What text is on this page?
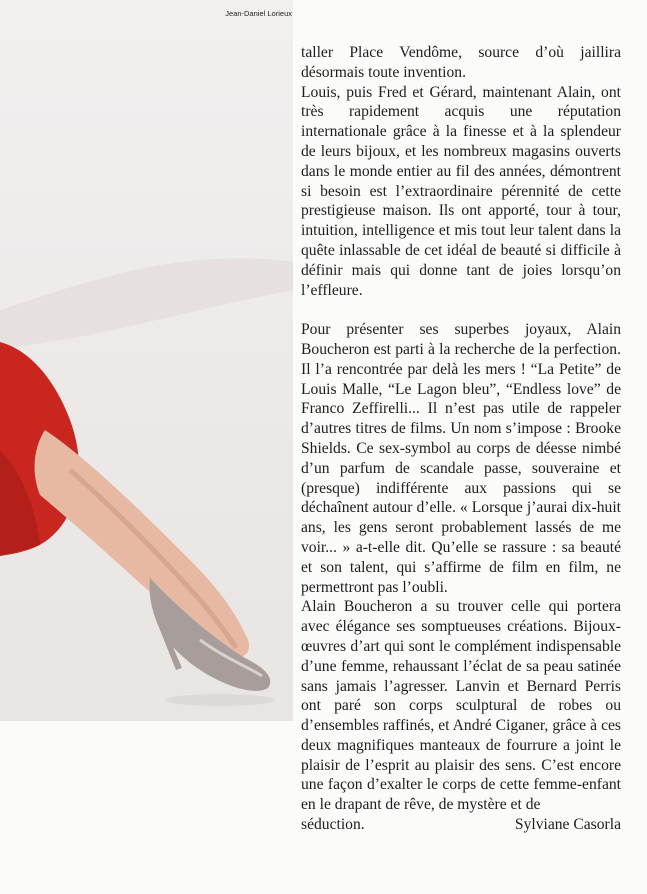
Jean-Daniel Lorieux

taller Place Vendôme, source d’où jaillira désormais toute invention.

Louis, puis Fred et Gérard, maintenant Alain, ont très rapidement acquis une réputation internationale grâce à la finesse et à la splendeur de leurs bijoux, et les nombreux magasins ouverts dans le monde entier au fil des années, démontrent si besoin est l’extraordinaire pérennité de cette prestigieuse maison. Ils ont apporté, tour à tour, intuition, intelligence et mis tout leur talent dans la quête inlassable de cet idéal de beauté si difficile à définir mais qui donne tant de joies lorsqu’on l’effleure.

Pour présenter ses superbes joyaux, Alain Boucheron est parti à la recherche de la perfection. Il l’a rencontrée par delà les mers ! “La Petite” de Louis Malle, “Le Lagon bleu”, “Endless love” de Franco Zeffirelli... Il n’est pas utile de rappeler d’autres titres de films. Un nom s’impose : Brooke Shields. Ce sex-symbol au corps de déesse nimbé d’un parfum de scandale passe, souveraine et (presque) indifférente aux passions qui se déchaînent autour d’elle. « Lorsque j’aurai dix-huit ans, les gens seront probablement lassés de me voir... » a-t-elle dit. Qu’elle se rassure : sa beauté et son talent, qui s’affirme de film en film, ne permettront pas l’oubli.

Alain Boucheron a su trouver celle qui portera avec élégance ses somptueuses créations. Bijoux-œuvres d’art qui sont le complément indispensable d’une femme, rehaussant l’éclat de sa peau satinée sans jamais l’agresser. Lanvin et Bernard Perris ont paré son corps sculptural de robes ou d’ensembles raffinés, et André Ciganer, grâce à ces deux magnifiques manteaux de fourrure a joint le plaisir de l’esprit au plaisir des sens. C’est encore une façon d’exalter le corps de cette femme-enfant en le drapant de rêve, de mystère et de

séduction.	Sylviane Casorla
